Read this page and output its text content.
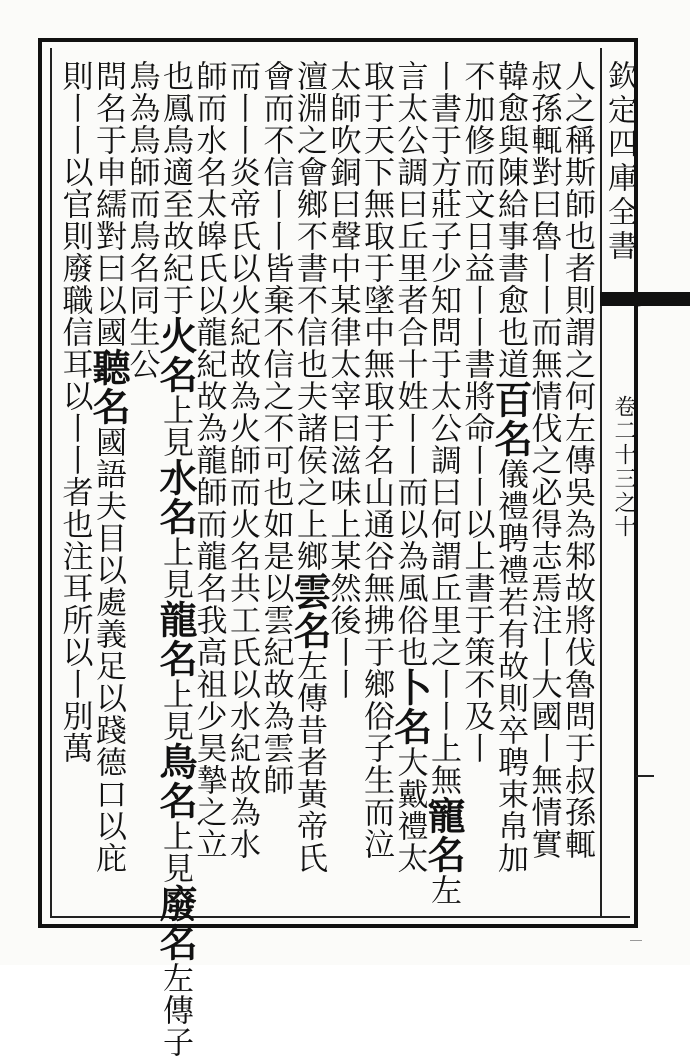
欽定四庫全書
卷二十三之十
人之稱斯師也者則謂之何左傳吳為邾故將伐魯問于叔孫輒
叔孫輒對曰魯丨丨而無情伐之必得志焉注丨大國丨無情實
韓愈與陳給事書愈也道百名儀禮聘禮若有故則卒聘束帛加
不加修而文日益丨丨書將命丨丨以上書于策不及丨
丨書于方莊子少知問于太公調曰何謂丘里之丨丨上無寵名左
言太公調曰丘里者合十姓丨丨而以為風俗也卜名大戴禮太
取于天下無取于墜中無取于名山通谷無拂于鄉俗子生而泣
太師吹銅曰聲中某律太宰曰滋味上某然後丨丨
澶淵之會鄉不書不信也夫諸侯之上鄉雲名左傳昔者黃帝氏
會而不信丨丨皆棄不信之不可也如是以雲紀故為雲師
而丨丨炎帝氏以火紀故為火師而火名共工氏以水紀故為水
師而水名太皞氏以龍紀故為龍師而龍名我高祖少昊摯之立
也鳳鳥適至故紀于火名上見水名上見龍名上見鳥名上見廢名左傳子
鳥為鳥師而鳥名同生公
問名于申繻對曰以國聽名國語夫目以處義足以踐德口以庇
則丨丨以官則廢職信耳以丨丨者也注耳所以丨別萬
